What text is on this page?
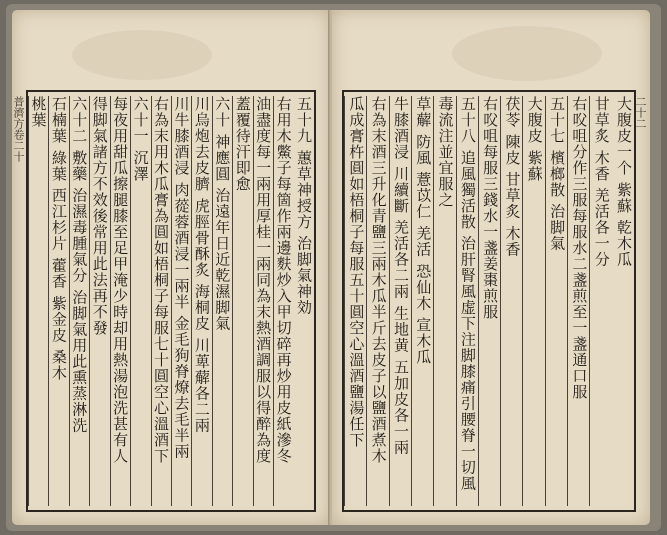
普濟方卷二十	五十九 蕙草神授方 治脚氣神効
右用木鱉子每箇作兩邊麩炒入甲切碎再炒用皮紙滲冬
油盡度每一兩用厚桂一兩同為末熱酒調服以得醉為度
蓋覆待汗即愈
六十 神應圓 治遠年日近乾濕脚氣
川烏炮去皮臍 虎脛骨酥炙 海桐皮 川萆薢各二兩
川牛膝酒浸 肉蓯蓉酒浸一兩半 金毛狗脊燎去毛半兩
右為末用木瓜膏為圓如梧桐子每服七十圓空心溫酒下
六十一 沉澤
每夜用甜瓜擦腿膝至足甲淹少時却用熱湯泡洗甚有人
得脚氣諸方不效後常用此法再不發
六十二 敷藥 治濕毒腫氣分 治脚氣用此熏蒸淋洗
石楠葉 綠葉 西江杉片 藿香 紫金皮 桑木
桃葉	二十二
大腹皮一个 紫蘇 乾木瓜
甘草炙 木香 羌活各一分
右㕮咀分作三服每服水二盞煎至一盞通口服
五十七 檳榔散 治脚氣
大腹皮 紫蘇
茯苓 陳皮 甘草炙 木香
右㕮咀每服三錢水一盞姜棗煎服
五十八 追風獨活散 治肝腎風虚下注脚膝痛引腰脊一切風
毒流注並宜服之
草薢 防風 薏苡仁 羌活 恐仙木 宣木瓜
牛膝酒浸 川續斷 羌活各二兩 生地黄 五加皮各一兩
右為末酒三升化青鹽三兩木瓜半斤去皮子以鹽酒煮木
瓜成膏杵圓如梧桐子每服五十圓空心溫酒鹽湯任下
